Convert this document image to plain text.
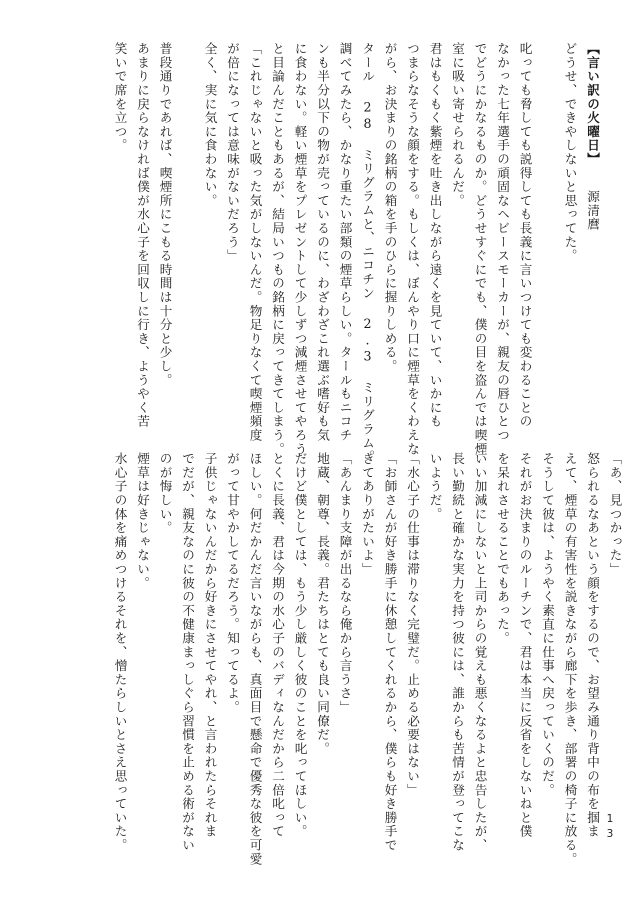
【言い訳の火曜日】源清麿
どうせ、できやしないと思ってた。

叱っても脅しても説得しても長義に言いつけても変わることの
なかった七年選手の頑固なヘビースモーカーが、親友の唇ひとつ
でどうにかなるものか。どうせすぐにでも、僕の目を盗んでは喫煙
室に吸い寄せられるんだ。
君はもくもく紫煙を吐き出しながら遠くを見ていて、いかにも
つまらなそうな顔をする。もしくは、ぼんやり口に煙草をくわえな
がら、お決まりの銘柄の箱を手のひらに握りしめる。
タール 28 ミリグラムと、ニコチン 2.3 ミリグラム。
調べてみたら、かなり重たい部類の煙草らしい。タールもニコチ
ンも半分以下の物が売っているのに、わざわざこれ選ぶ嗜好も気
に食わない。軽い煙草をプレゼントして少しずつ減煙させてやろう
と目論んだこともあるが、結局いつもの銘柄に戻ってきてしまう。
「これじゃないと吸った気がしないんだ。物足りなくて喫煙頻度
が倍になっては意味がないだろう」
全く、実に気に食わない。

普段通りであれば、喫煙所にこもる時間は十分と少し。
あまりに戻らなければ僕が水心子を回収しに行き、ようやく苦
笑いで席を立つ。
「あ、見つかった」
怒られるなあという顔をするので、お望み通り背中の布を掴ま
えて、煙草の有害性を説きながら廊下を歩き、部署の椅子に放る。
そうして彼は、ようやく素直に仕事へ戻っていくのだ。
それがお決まりのルーチンで、君は本当に反省をしないねと僕
を呆れさせることでもあった。
いい加減にしないと上司からの覚えも悪くなるよと忠告したが、
長い勤続と確かな実力を持つ彼には、誰からも苦情が登ってこな
いようだ。
「水心子の仕事は滞りなく完璧だ。止める必要はない」
「お師さんが好き勝手に休憩してくれるから、僕らも好き勝手で
きてありがたいよ」
「あんまり支障が出るなら俺から言うさ」
地蔵、朝尊、長義。君たちはとても良い同僚だ。
だけど僕としては、もう少し厳しく彼のことを叱ってほしい。
とくに長義、君は今期の水心子のバディなんだから二倍叱って
ほしい。何だかんだ言いながらも、真面目で懸命で優秀な彼を可愛
がって甘やかしてるだろう。知ってるよ。
子供じゃないんだから好きにさせてやれ、と言われたらそれま
でだが、親友なのに彼の不健康まっしぐら習慣を止める術がない
のが悔しい。
煙草は好きじゃない。
水心子の体を痛めつけるそれを、憎たらしいとさえ思っていた。	1
3
